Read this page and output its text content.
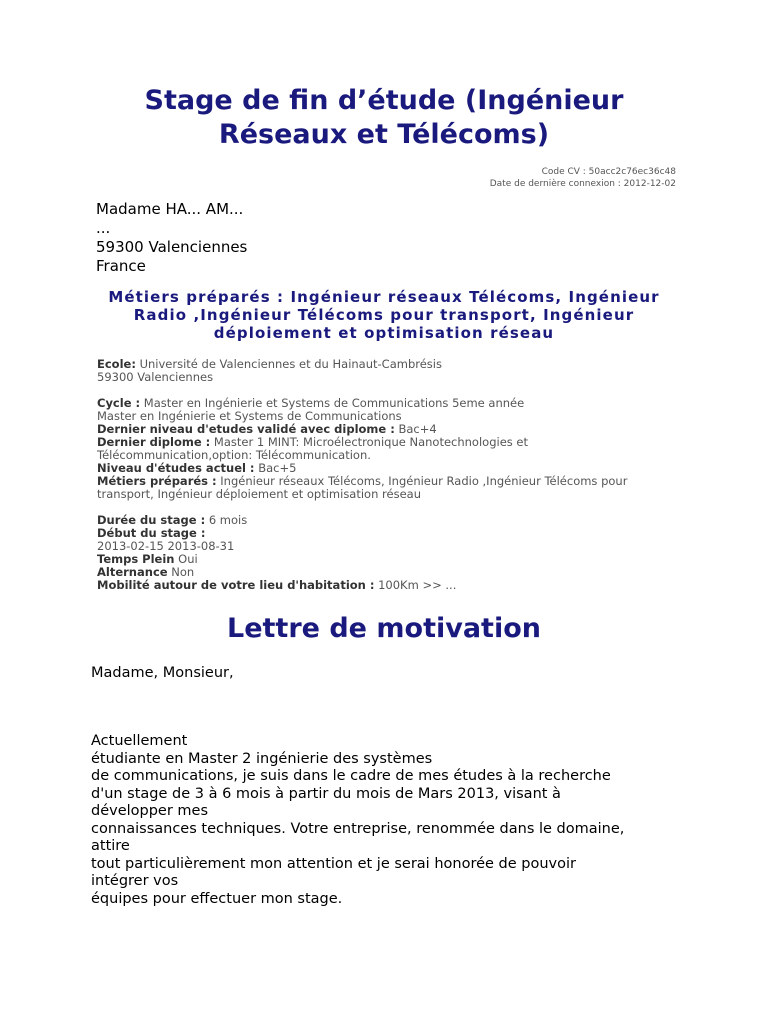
Stage de fin d’étude (Ingénieur
Réseaux et Télécoms)
Code CV : 50acc2c76ec36c48
Date de dernière connexion : 2012-12-02
Madame HA... AM...
...
59300 Valenciennes
France
Métiers préparés : Ingénieur réseaux Télécoms, Ingénieur
Radio ,Ingénieur Télécoms pour transport, Ingénieur
déploiement et optimisation réseau
Ecole: Université de Valenciennes et du Hainaut-Cambrésis
59300 Valenciennes
Cycle : Master en Ingénierie et Systems de Communications 5eme année
Master en Ingénierie et Systems de Communications
Dernier niveau d'etudes validé avec diplome : Bac+4
Dernier diplome : Master 1 MINT: Microélectronique Nanotechnologies et
Télécommunication,option: Télécommunication.
Niveau d'études actuel : Bac+5
Métiers préparés : Ingénieur réseaux Télécoms, Ingénieur Radio ,Ingénieur Télécoms pour
transport, Ingénieur déploiement et optimisation réseau
Durée du stage : 6 mois
Début du stage :
2013-02-15 2013-08-31
Temps Plein Oui
Alternance Non
Mobilité autour de votre lieu d'habitation : 100Km >> ...
Lettre de motivation
Madame, Monsieur,
Actuellement
étudiante en Master 2 ingénierie des systèmes
de communications, je suis dans le cadre de mes études à la recherche
d'un stage de 3 à 6 mois à partir du mois de Mars 2013, visant à
développer mes
connaissances techniques. Votre entreprise, renommée dans le domaine,
attire
tout particulièrement mon attention et je serai honorée de pouvoir
intégrer vos
équipes pour effectuer mon stage.
